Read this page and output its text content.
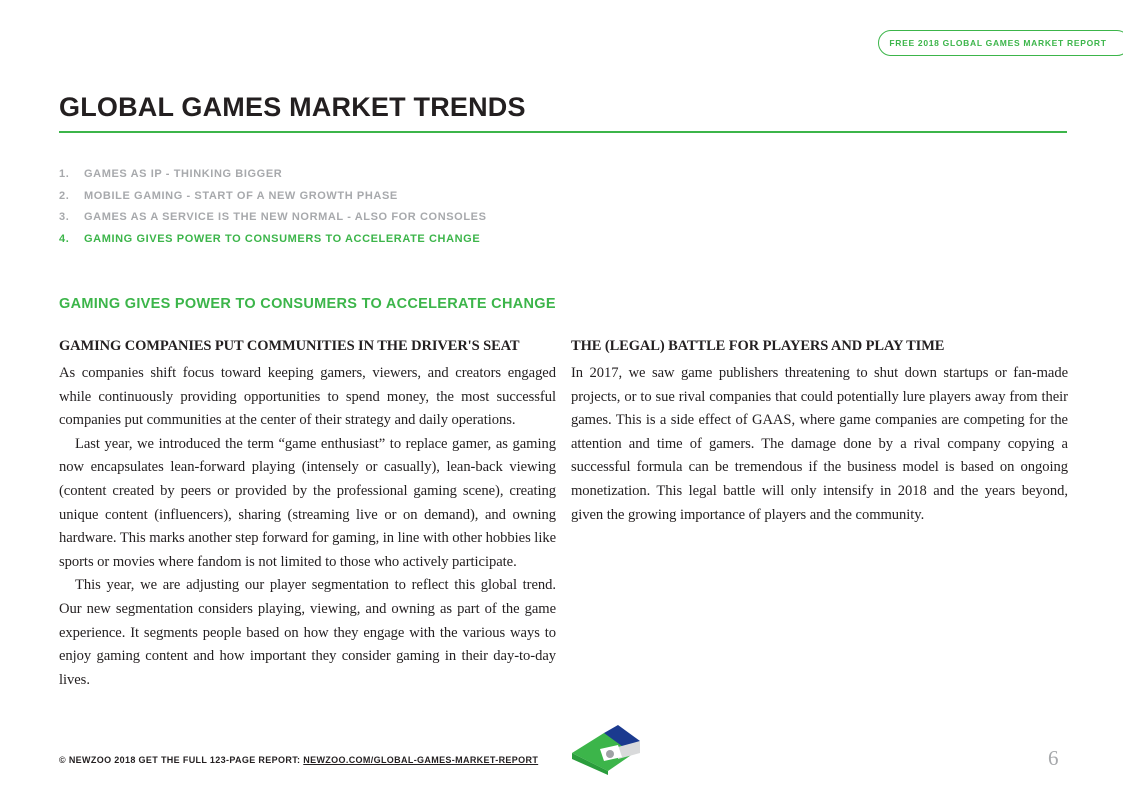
FREE 2018 GLOBAL GAMES MARKET REPORT
GLOBAL GAMES MARKET TRENDS
1.	GAMES AS IP - THINKING BIGGER
2.	MOBILE GAMING - START OF A NEW GROWTH PHASE
3.	GAMES AS A SERVICE IS THE NEW NORMAL - ALSO FOR CONSOLES
4.	GAMING GIVES POWER TO CONSUMERS TO ACCELERATE CHANGE
GAMING GIVES POWER TO CONSUMERS TO ACCELERATE CHANGE
GAMING COMPANIES PUT COMMUNITIES IN THE DRIVER'S SEAT

As companies shift focus toward keeping gamers, viewers, and creators engaged while continuously providing opportunities to spend money, the most successful companies put communities at the center of their strategy and daily operations.

Last year, we introduced the term “game enthusiast” to replace gamer, as gaming now encapsulates lean-forward playing (intensely or casually), lean-back viewing (content created by peers or provided by the professional gaming scene), creating unique content (influencers), sharing (streaming live or on demand), and owning hardware. This marks another step forward for gaming, in line with other hobbies like sports or movies where fandom is not limited to those who actively participate.

This year, we are adjusting our player segmentation to reflect this global trend. Our new segmentation considers playing, viewing, and owning as part of the game experience. It segments people based on how they engage with the various ways to enjoy gaming content and how important they consider gaming in their day-to-day lives.

THE (LEGAL) BATTLE FOR PLAYERS AND PLAY TIME

In 2017, we saw game publishers threatening to shut down startups or fan-made projects, or to sue rival companies that could potentially lure players away from their games. This is a side effect of GAAS, where game companies are competing for the attention and time of gamers. The damage done by a rival company copying a successful formula can be tremendous if the business model is based on ongoing monetization. This legal battle will only intensify in 2018 and the years beyond, given the growing importance of players and the community.

© NEWZOO 2018 GET THE FULL 123-PAGE REPORT: NEWZOO.COM/GLOBAL-GAMES-MARKET-REPORT	6
